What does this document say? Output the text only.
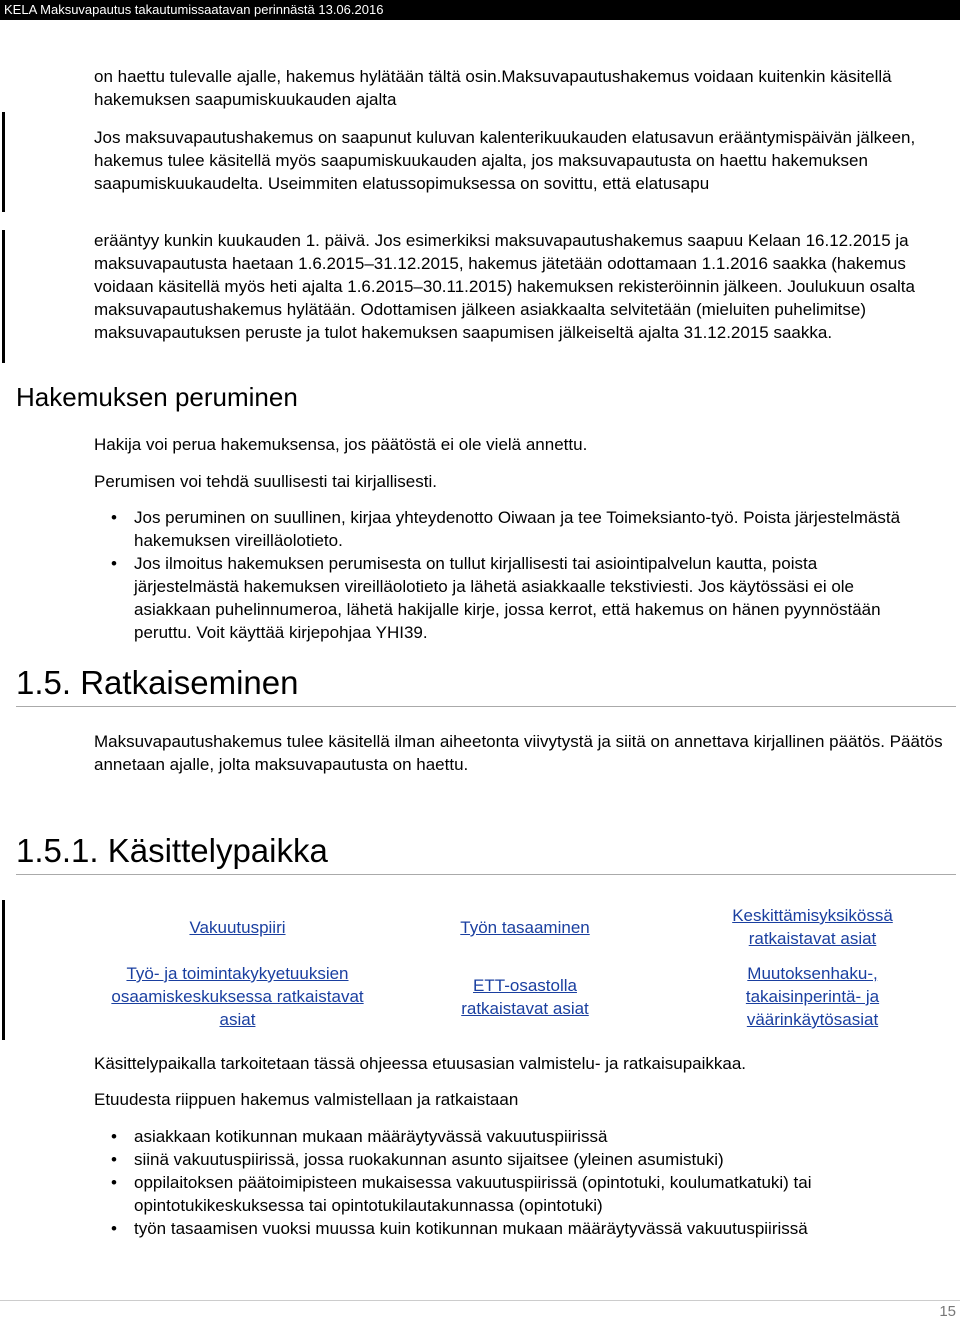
KELA Maksuvapautus takautumissaatavan perinnästä 13.06.2016

on haettu tulevalle ajalle, hakemus hylätään tältä osin.Maksuvapautushakemus voidaan kuitenkin käsitellä hakemuksen saapumiskuukauden ajalta

Jos maksuvapautushakemus on saapunut kuluvan kalenterikuukauden elatusavun erääntymispäivän jälkeen, hakemus tulee käsitellä myös saapumiskuukauden ajalta, jos maksuvapautusta on haettu hakemuksen saapumiskuukaudelta. Useimmiten elatussopimuksessa on sovittu, että elatusapu

erääntyy kunkin kuukauden 1. päivä. Jos esimerkiksi maksuvapautushakemus saapuu Kelaan 16.12.2015 ja maksuvapautusta haetaan 1.6.2015–31.12.2015, hakemus jätetään odottamaan 1.1.2016 saakka (hakemus voidaan käsitellä myös heti ajalta 1.6.2015–30.11.2015) hakemuksen rekisteröinnin jälkeen. Joulukuun osalta maksuvapautushakemus hylätään. Odottamisen jälkeen asiakkaalta selvitetään (mieluiten puhelimitse) maksuvapautuksen peruste ja tulot hakemuksen saapumisen jälkeiseltä ajalta 31.12.2015 saakka.

Hakemuksen peruminen

Hakija voi perua hakemuksensa, jos päätöstä ei ole vielä annettu.

Perumisen voi tehdä suullisesti tai kirjallisesti.

• Jos peruminen on suullinen, kirjaa yhteydenotto Oiwaan ja tee Toimeksianto-työ. Poista järjestelmästä hakemuksen vireilläolotieto.
• Jos ilmoitus hakemuksen perumisesta on tullut kirjallisesti tai asiointipalvelun kautta, poista järjestelmästä hakemuksen vireilläolotieto ja lähetä asiakkaalle tekstiviesti. Jos käytössäsi ei ole asiakkaan puhelinnumeroa, lähetä hakijalle kirje, jossa kerrot, että hakemus on hänen pyynnöstään peruttu. Voit käyttää kirjepohjaa YHI39.
1.5. Ratkaiseminen

Maksuvapautushakemus tulee käsitellä ilman aiheetonta viivytystä ja siitä on annettava kirjallinen päätös. Päätös annetaan ajalle, jolta maksuvapautusta on haettu.

1.5.1. Käsittelypaikka
Vakuutuspiiri	Työn tasaaminen
Keskittämisyksikössä ratkaistavat asiat
Työ- ja toimintakykyetuuksien osaamiskeskuksessa ratkaistavat asiat
ETT-osastolla ratkaistavat asiat
Muutoksenhaku-, takaisinperintä- ja väärinkäytösasiat

Käsittelypaikalla tarkoitetaan tässä ohjeessa etuusasian valmistelu- ja ratkaisupaikkaa.

Etuudesta riippuen hakemus valmistellaan ja ratkaistaan

• asiakkaan kotikunnan mukaan määräytyvässä vakuutuspiirissä
• siinä vakuutuspiirissä, jossa ruokakunnan asunto sijaitsee (yleinen asumistuki)
• oppilaitoksen päätoimipisteen mukaisessa vakuutuspiirissä (opintotuki, koulumatkatuki) tai opintotukikeskuksessa tai opintotukilautakunnassa (opintotuki)
• työn tasaamisen vuoksi muussa kuin kotikunnan mukaan määräytyvässä vakuutuspiirissä
15
